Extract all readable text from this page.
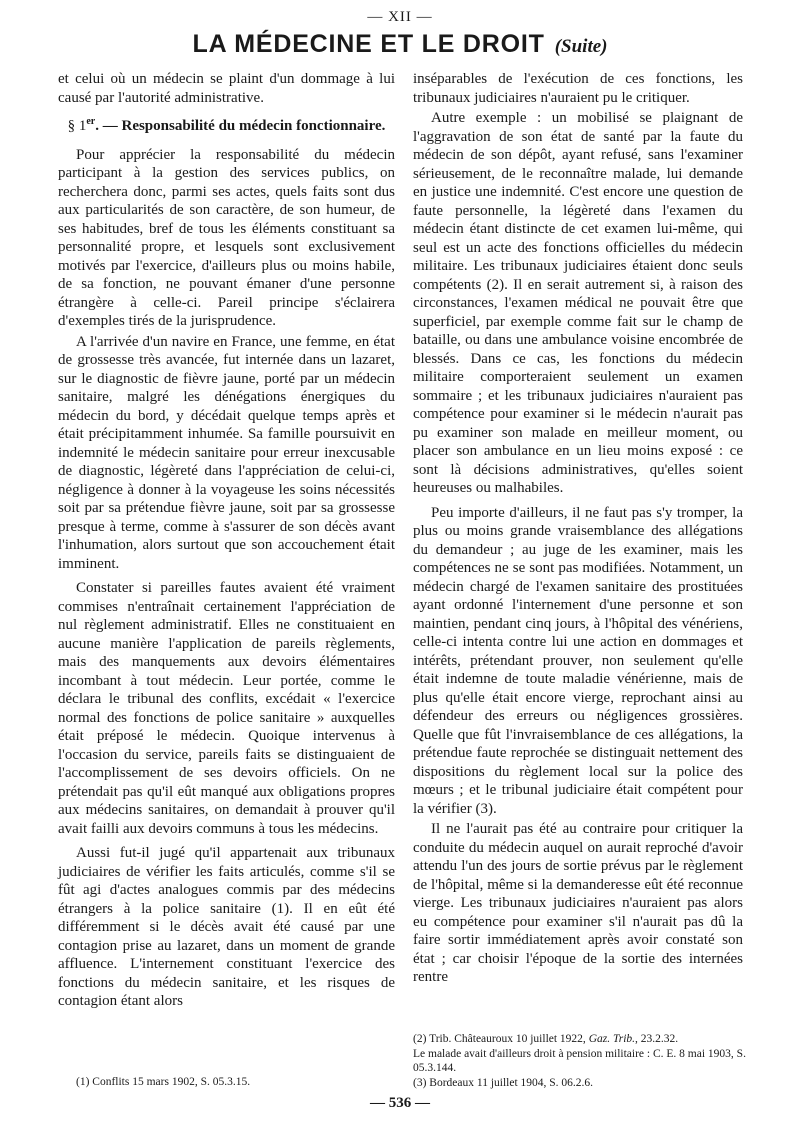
— XII —
LA MÉDECINE ET LE DROIT (Suite)

et celui où un médecin se plaint d'un dommage à lui causé par l'autorité administrative.

§ 1er. — Responsabilité du médecin fonctionnaire.

Pour apprécier la responsabilité du médecin participant à la gestion des services publics, on recherchera donc, parmi ses actes, quels faits sont dus aux particularités de son caractère, de son humeur, de ses habitudes, bref de tous les éléments constituant sa personnalité propre, et lesquels sont exclusivement motivés par l'exercice, d'ailleurs plus ou moins habile, de sa fonction, ne pouvant émaner d'une personne étrangère à celle-ci. Pareil principe s'éclairera d'exemples tirés de la jurisprudence.

A l'arrivée d'un navire en France, une femme, en état de grossesse très avancée, fut internée dans un lazaret, sur le diagnostic de fièvre jaune, porté par un médecin sanitaire, malgré les dénégations énergiques du médecin du bord, y décédait quelque temps après et était précipitamment inhumée. Sa famille poursuivit en indemnité le médecin sanitaire pour erreur inexcusable de diagnostic, légèreté dans l'appréciation de celui-ci, négligence à donner à la voyageuse les soins nécessités soit par sa prétendue fièvre jaune, soit par sa grossesse presque à terme, comme à s'assurer de son décès avant l'inhumation, alors surtout que son accouchement était imminent.

Constater si pareilles fautes avaient été vraiment commises n'entraînait certainement l'appréciation de nul règlement administratif. Elles ne constituaient en aucune manière l'application de pareils règlements, mais des manquements aux devoirs élémentaires incombant à tout médecin. Leur portée, comme le déclara le tribunal des conflits, excédait « l'exercice normal des fonctions de police sanitaire » auxquelles était préposé le médecin. Quoique intervenus à l'occasion du service, pareils faits se distinguaient de l'accomplissement de ses devoirs officiels. On ne prétendait pas qu'il eût manqué aux obligations propres aux médecins sanitaires, on demandait à prouver qu'il avait failli aux devoirs communs à tous les médecins.

Aussi fut-il jugé qu'il appartenait aux tribunaux judiciaires de vérifier les faits articulés, comme s'il se fût agi d'actes analogues commis par des médecins étrangers à la police sanitaire (1). Il en eût été différemment si le décès avait été causé par une contagion prise au lazaret, dans un moment de grande affluence. L'internement constituant l'exercice des fonctions du médecin sanitaire, et les risques de contagion étant alors

inséparables de l'exécution de ces fonctions, les tribunaux judiciaires n'auraient pu le critiquer.

Autre exemple : un mobilisé se plaignant de l'aggravation de son état de santé par la faute du médecin de son dépôt, ayant refusé, sans l'examiner sérieusement, de le reconnaître malade, lui demande en justice une indemnité. C'est encore une question de faute personnelle, la légèreté dans l'examen du médecin étant distincte de cet examen lui-même, qui seul est un acte des fonctions officielles du médecin militaire. Les tribunaux judiciaires étaient donc seuls compétents (2). Il en serait autrement si, à raison des circonstances, l'examen médical ne pouvait être que superficiel, par exemple comme fait sur le champ de bataille, ou dans une ambulance voisine encombrée de blessés. Dans ce cas, les fonctions du médecin militaire comporteraient seulement un examen sommaire ; et les tribunaux judiciaires n'auraient pas compétence pour examiner si le médecin n'aurait pas pu examiner son malade en meilleur moment, ou placer son ambulance en un lieu moins exposé : ce sont là décisions administratives, qu'elles soient heureuses ou malhabiles.

Peu importe d'ailleurs, il ne faut pas s'y tromper, la plus ou moins grande vraisemblance des allégations du demandeur ; au juge de les examiner, mais les compétences ne se sont pas modifiées. Notamment, un médecin chargé de l'examen sanitaire des prostituées ayant ordonné l'internement d'une personne et son maintien, pendant cinq jours, à l'hôpital des vénériens, celle-ci intenta contre lui une action en dommages et intérêts, prétendant prouver, non seulement qu'elle était indemne de toute maladie vénérienne, mais de plus qu'elle était encore vierge, reprochant ainsi au défendeur des erreurs ou négligences grossières. Quelle que fût l'invraisemblance de ces allégations, la prétendue faute reprochée se distinguait nettement des dispositions du règlement local sur la police des mœurs ; et le tribunal judiciaire était compétent pour la vérifier (3).

Il ne l'aurait pas été au contraire pour critiquer la conduite du médecin auquel on aurait reproché d'avoir attendu l'un des jours de sortie prévus par le règlement de l'hôpital, même si la demanderesse eût été reconnue vierge. Les tribunaux judiciaires n'auraient pas alors eu compétence pour examiner s'il n'aurait pas dû la faire sortir immédiatement après avoir constaté son état ; car choisir l'époque de la sortie des internées rentre

(2) Trib. Châteauroux 10 juillet 1922, Gaz. Trib., 23.2.32.
Le malade avait d'ailleurs droit à pension militaire : C. E. 8 mai 1903, S. 05.3.144.
(3) Bordeaux 11 juillet 1904, S. 06.2.6.
(1) Conflits 15 mars 1902, S. 05.3.15.
— 536 —
